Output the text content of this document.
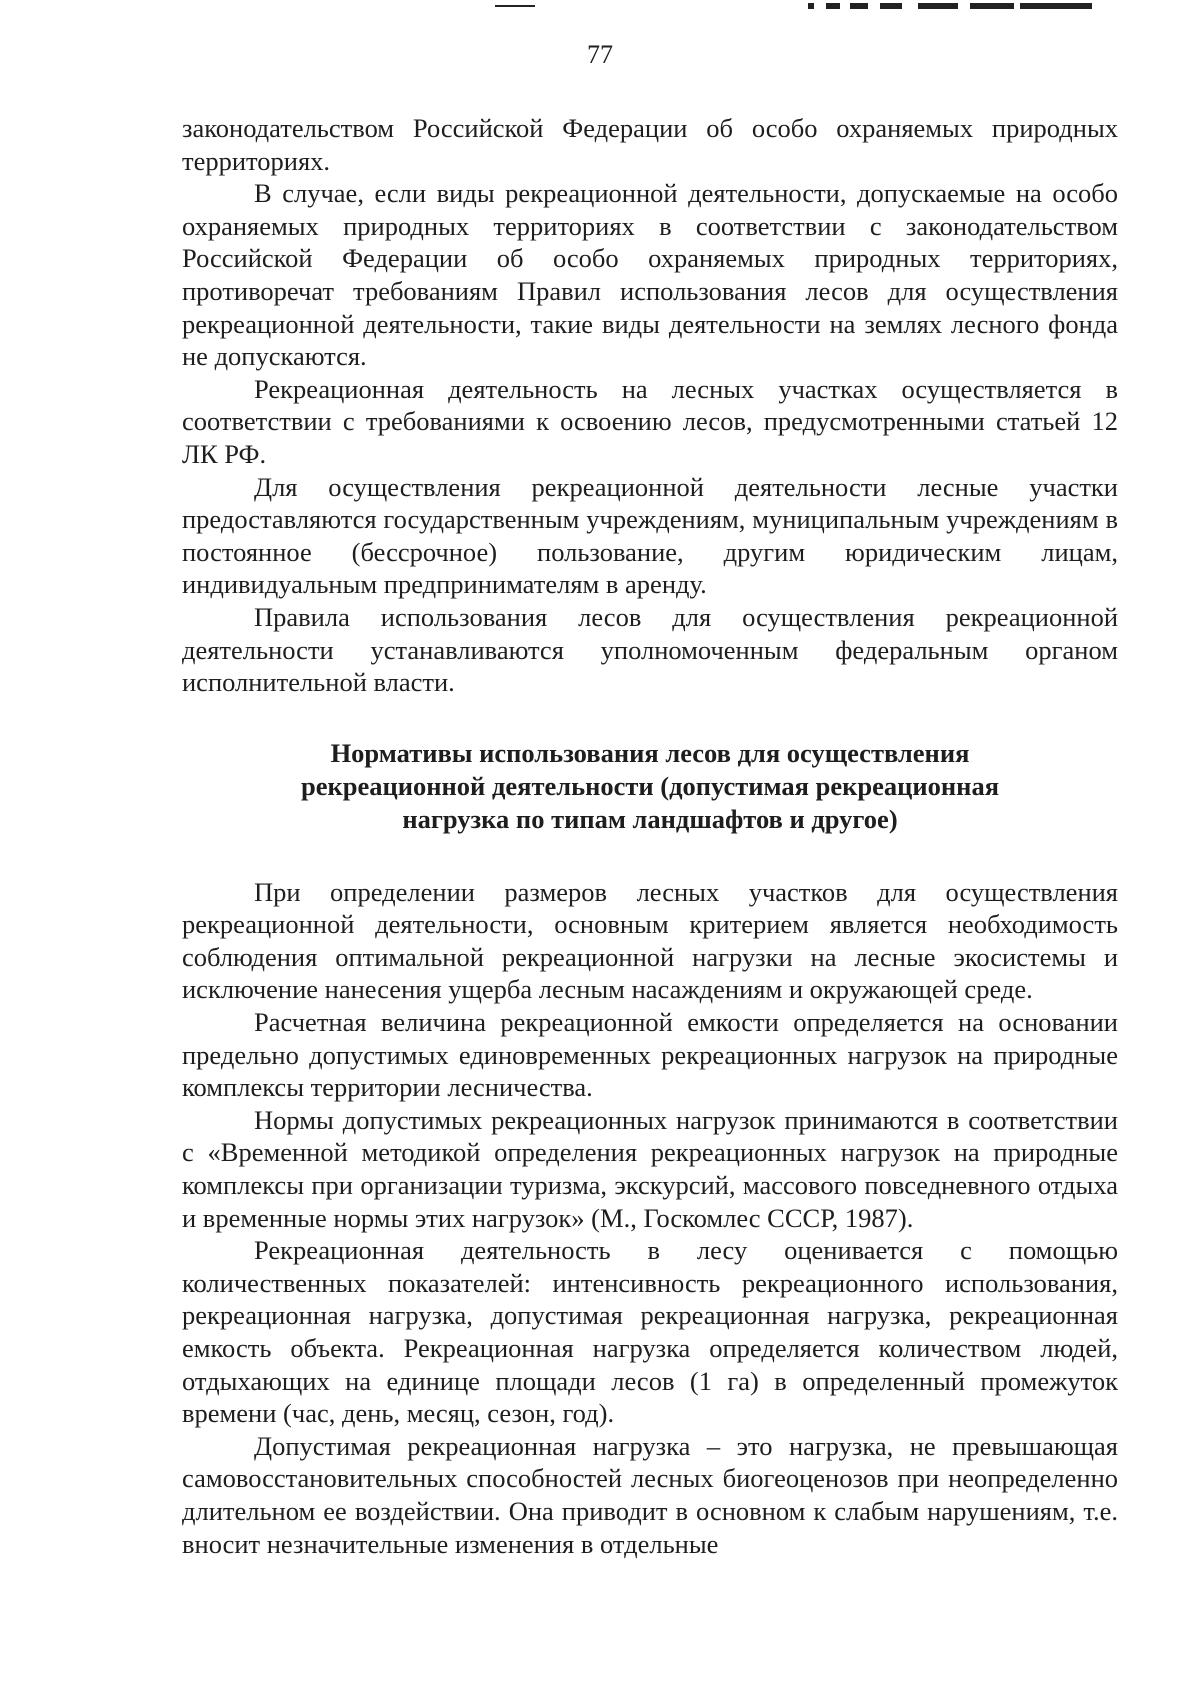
77

законодательством Российской Федерации об особо охраняемых природных территориях.

В случае, если виды рекреационной деятельности, допускаемые на особо охраняемых природных территориях в соответствии с законодательством Российской Федерации об особо охраняемых природных территориях, противоречат требованиям Правил использования лесов для осуществления рекреационной деятельности, такие виды деятельности на землях лесного фонда не допускаются.

Рекреационная деятельность на лесных участках осуществляется в соответствии с требованиями к освоению лесов, предусмотренными статьей 12 ЛК РФ.

Для осуществления рекреационной деятельности лесные участки предоставляются государственным учреждениям, муниципальным учреждениям в постоянное (бессрочное) пользование, другим юридическим лицам, индивидуальным предпринимателям в аренду.

Правила использования лесов для осуществления рекреационной деятельности устанавливаются уполномоченным федеральным органом исполнительной власти.

Нормативы использования лесов для осуществления
рекреационной деятельности (допустимая рекреационная
нагрузка по типам ландшафтов и другое)

При определении размеров лесных участков для осуществления рекреационной деятельности, основным критерием является необходимость соблюдения оптимальной рекреационной нагрузки на лесные экосистемы и исключение нанесения ущерба лесным насаждениям и окружающей среде.

Расчетная величина рекреационной емкости определяется на основании предельно допустимых единовременных рекреационных нагрузок на природные комплексы территории лесничества.

Нормы допустимых рекреационных нагрузок принимаются в соответствии с «Временной методикой определения рекреационных нагрузок на природные комплексы при организации туризма, экскурсий, массового повседневного отдыха и временные нормы этих нагрузок» (М., Госкомлес СССР, 1987).

Рекреационная деятельность в лесу оценивается с помощью количественных показателей: интенсивность рекреационного использования, рекреационная нагрузка, допустимая рекреационная нагрузка, рекреационная емкость объекта. Рекреационная нагрузка определяется количеством людей, отдыхающих на единице площади лесов (1 га) в определенный промежуток времени (час, день, месяц, сезон, год).

Допустимая рекреационная нагрузка – это нагрузка, не превышающая самовосстановительных способностей лесных биогеоценозов при неопределенно длительном ее воздействии. Она приводит в основном к слабым нарушениям, т.е. вносит незначительные изменения в отдельные
